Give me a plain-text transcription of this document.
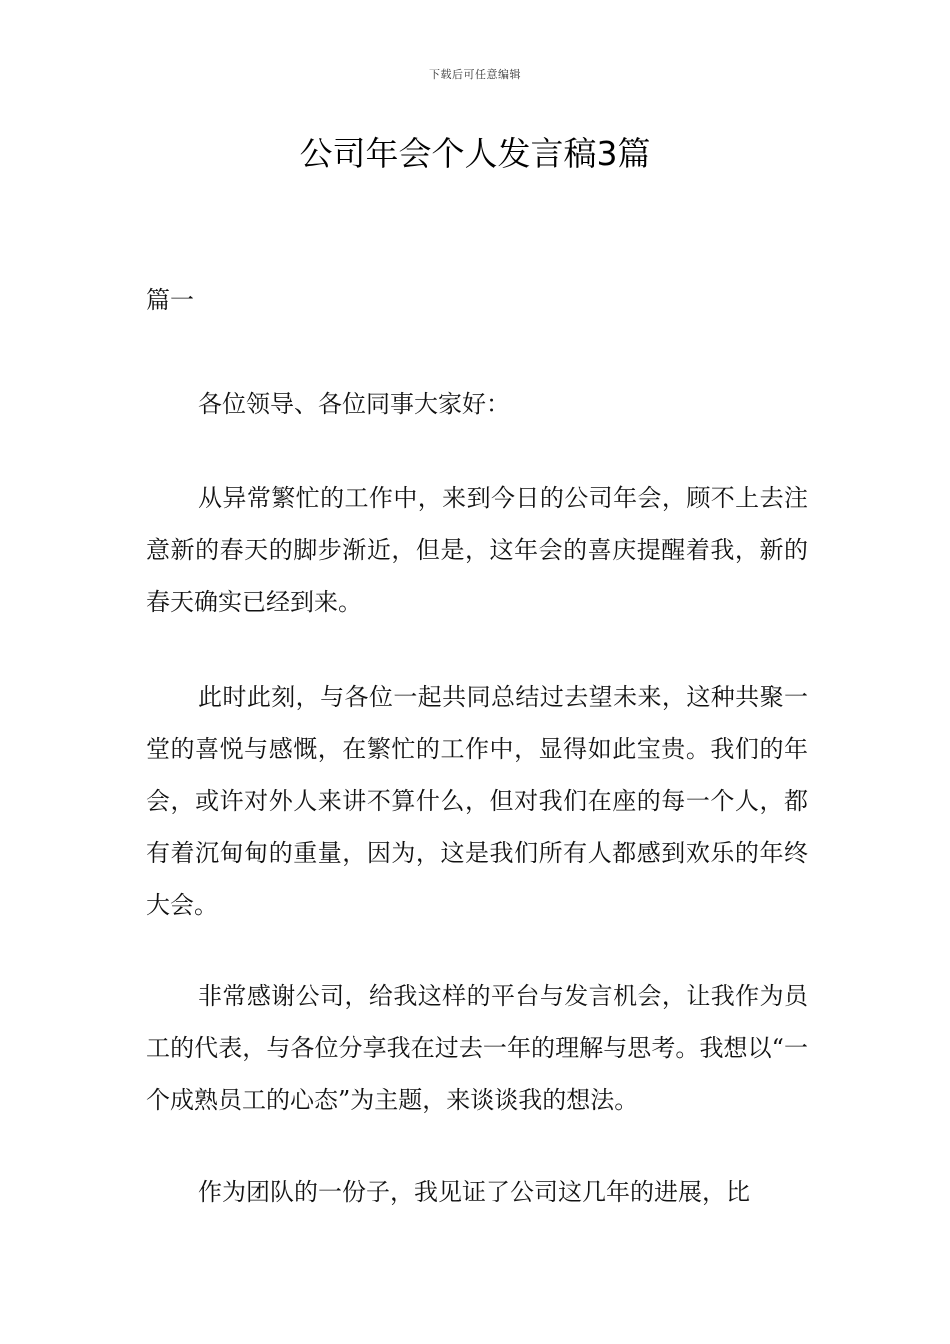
下载后可任意编辑
公司年会个人发言稿3篇
篇一

各位领导、各位同事大家好：

从异常繁忙的工作中，来到今日的公司年会，顾不上去注意新的春天的脚步渐近，但是，这年会的喜庆提醒着我，新的春天确实已经到来。

此时此刻，与各位一起共同总结过去望未来，这种共聚一堂的喜悦与感慨，在繁忙的工作中，显得如此宝贵。我们的年会，或许对外人来讲不算什么，但对我们在座的每一个人，都有着沉甸甸的重量，因为，这是我们所有人都感到欢乐的年终大会。

非常感谢公司，给我这样的平台与发言机会，让我作为员工的代表，与各位分享我在过去一年的理解与思考。我想以“一个成熟员工的心态”为主题，来谈谈我的想法。

作为团队的一份子，我见证了公司这几年的进展，比
